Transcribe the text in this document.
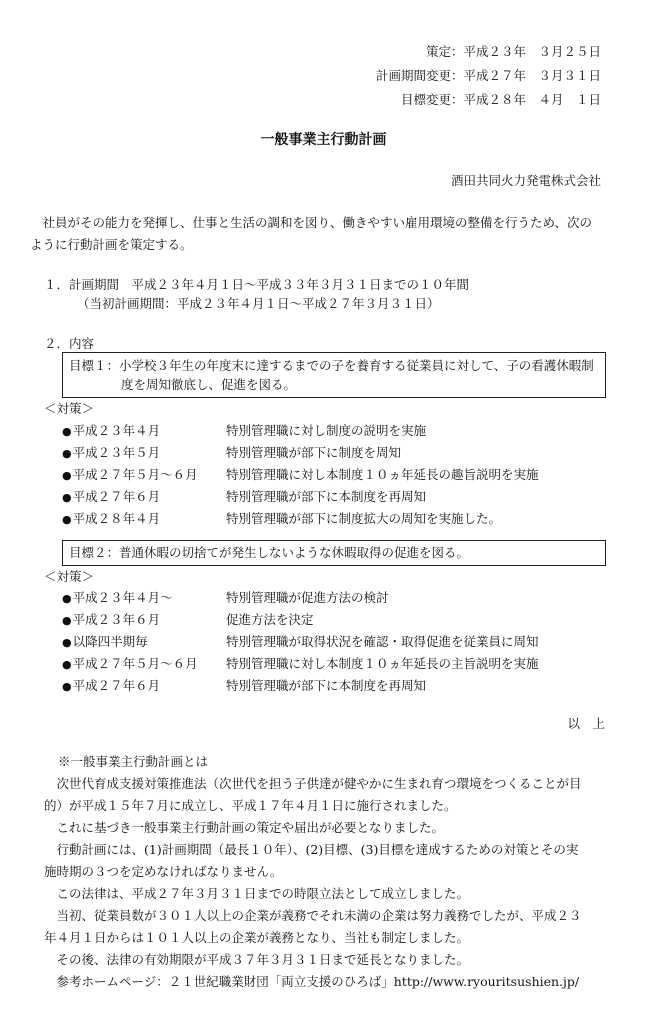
策定：平成２３年　３月２５日
計画期間変更：平成２７年　３月３１日
目標変更：平成２８年　４月　１日
一般事業主行動計画
酒田共同火力発電株式会社
　社員がその能力を発揮し、仕事と生活の調和を図り、働きやすい雇用環境の整備を行うため、次の
ように行動計画を策定する。
１．計画期間　平成２３年４月１日～平成３３年３月３１日までの１０年間
（当初計画期間：平成２３年４月１日～平成２７年３月３１日）
２．内容
目標１：小学校３年生の年度末に達するまでの子を養育する従業員に対して、子の看護休暇制
度を周知徹底し、促進を図る。
＜対策＞
●平成２３年４月	特別管理職に対し制度の説明を実施
●平成２３年５月	特別管理職が部下に制度を周知
●平成２７年５月～６月 特別管理職に対し本制度１０ヵ年延長の趣旨説明を実施
●平成２７年６月	特別管理職が部下に本制度を再周知
●平成２８年４月	特別管理職が部下に制度拡大の周知を実施した。
目標２：普通休暇の切捨てが発生しないような休暇取得の促進を図る。
＜対策＞
●平成２３年４月～	特別管理職が促進方法の検討
●平成２３年６月	促進方法を決定
●以降四半期毎	特別管理職が取得状況を確認・取得促進を従業員に周知
●平成２７年５月～６月 特別管理職に対し本制度１０ヵ年延長の主旨説明を実施
●平成２７年６月	特別管理職が部下に本制度を再周知
以　上
※一般事業主行動計画とは
　次世代育成支援対策推進法（次世代を担う子供達が健やかに生まれ育つ環境をつくることが目
的）が平成１５年７月に成立し、平成１７年４月１日に施行されました。
　これに基づき一般事業主行動計画の策定や届出が必要となりました。
　行動計画には、(1)計画期間（最長１０年）、(2)目標、(3)目標を達成するための対策とその実
施時期の３つを定めなければなりません。
　この法律は、平成２７年３月３１日までの時限立法として成立しました。
　当初、従業員数が３０１人以上の企業が義務でそれ未満の企業は努力義務でしたが、平成２３
年４月１日からは１０１人以上の企業が義務となり、当社も制定しました。
　その後、法律の有効期限が平成３７年３月３１日まで延長となりました。
　参考ホームページ：２１世紀職業財団「両立支援のひろば」http://www.ryouritsushien.jp/
